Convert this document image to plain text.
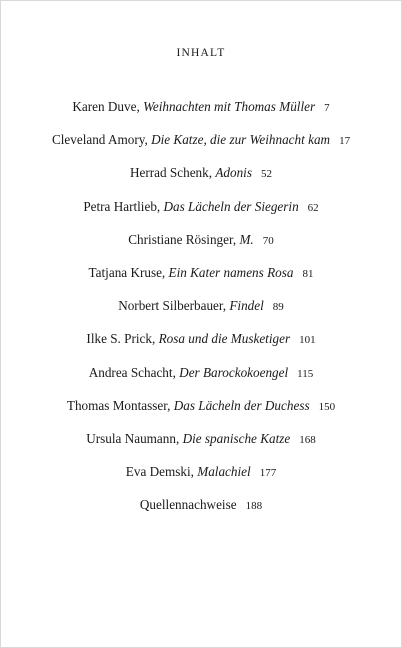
INHALT
Karen Duve, Weihnachten mit Thomas Müller 7
Cleveland Amory, Die Katze, die zur Weihnacht kam 17
Herrad Schenk, Adonis 52
Petra Hartlieb, Das Lächeln der Siegerin 62
Christiane Rösinger, M. 70
Tatjana Kruse, Ein Kater namens Rosa 81
Norbert Silberbauer, Findel 89
Ilke S. Prick, Rosa und die Musketiger 101
Andrea Schacht, Der Barockokoengel 115
Thomas Montasser, Das Lächeln der Duchess 150
Ursula Naumann, Die spanische Katze 168
Eva Demski, Malachiel 177
Quellennachweise 188
